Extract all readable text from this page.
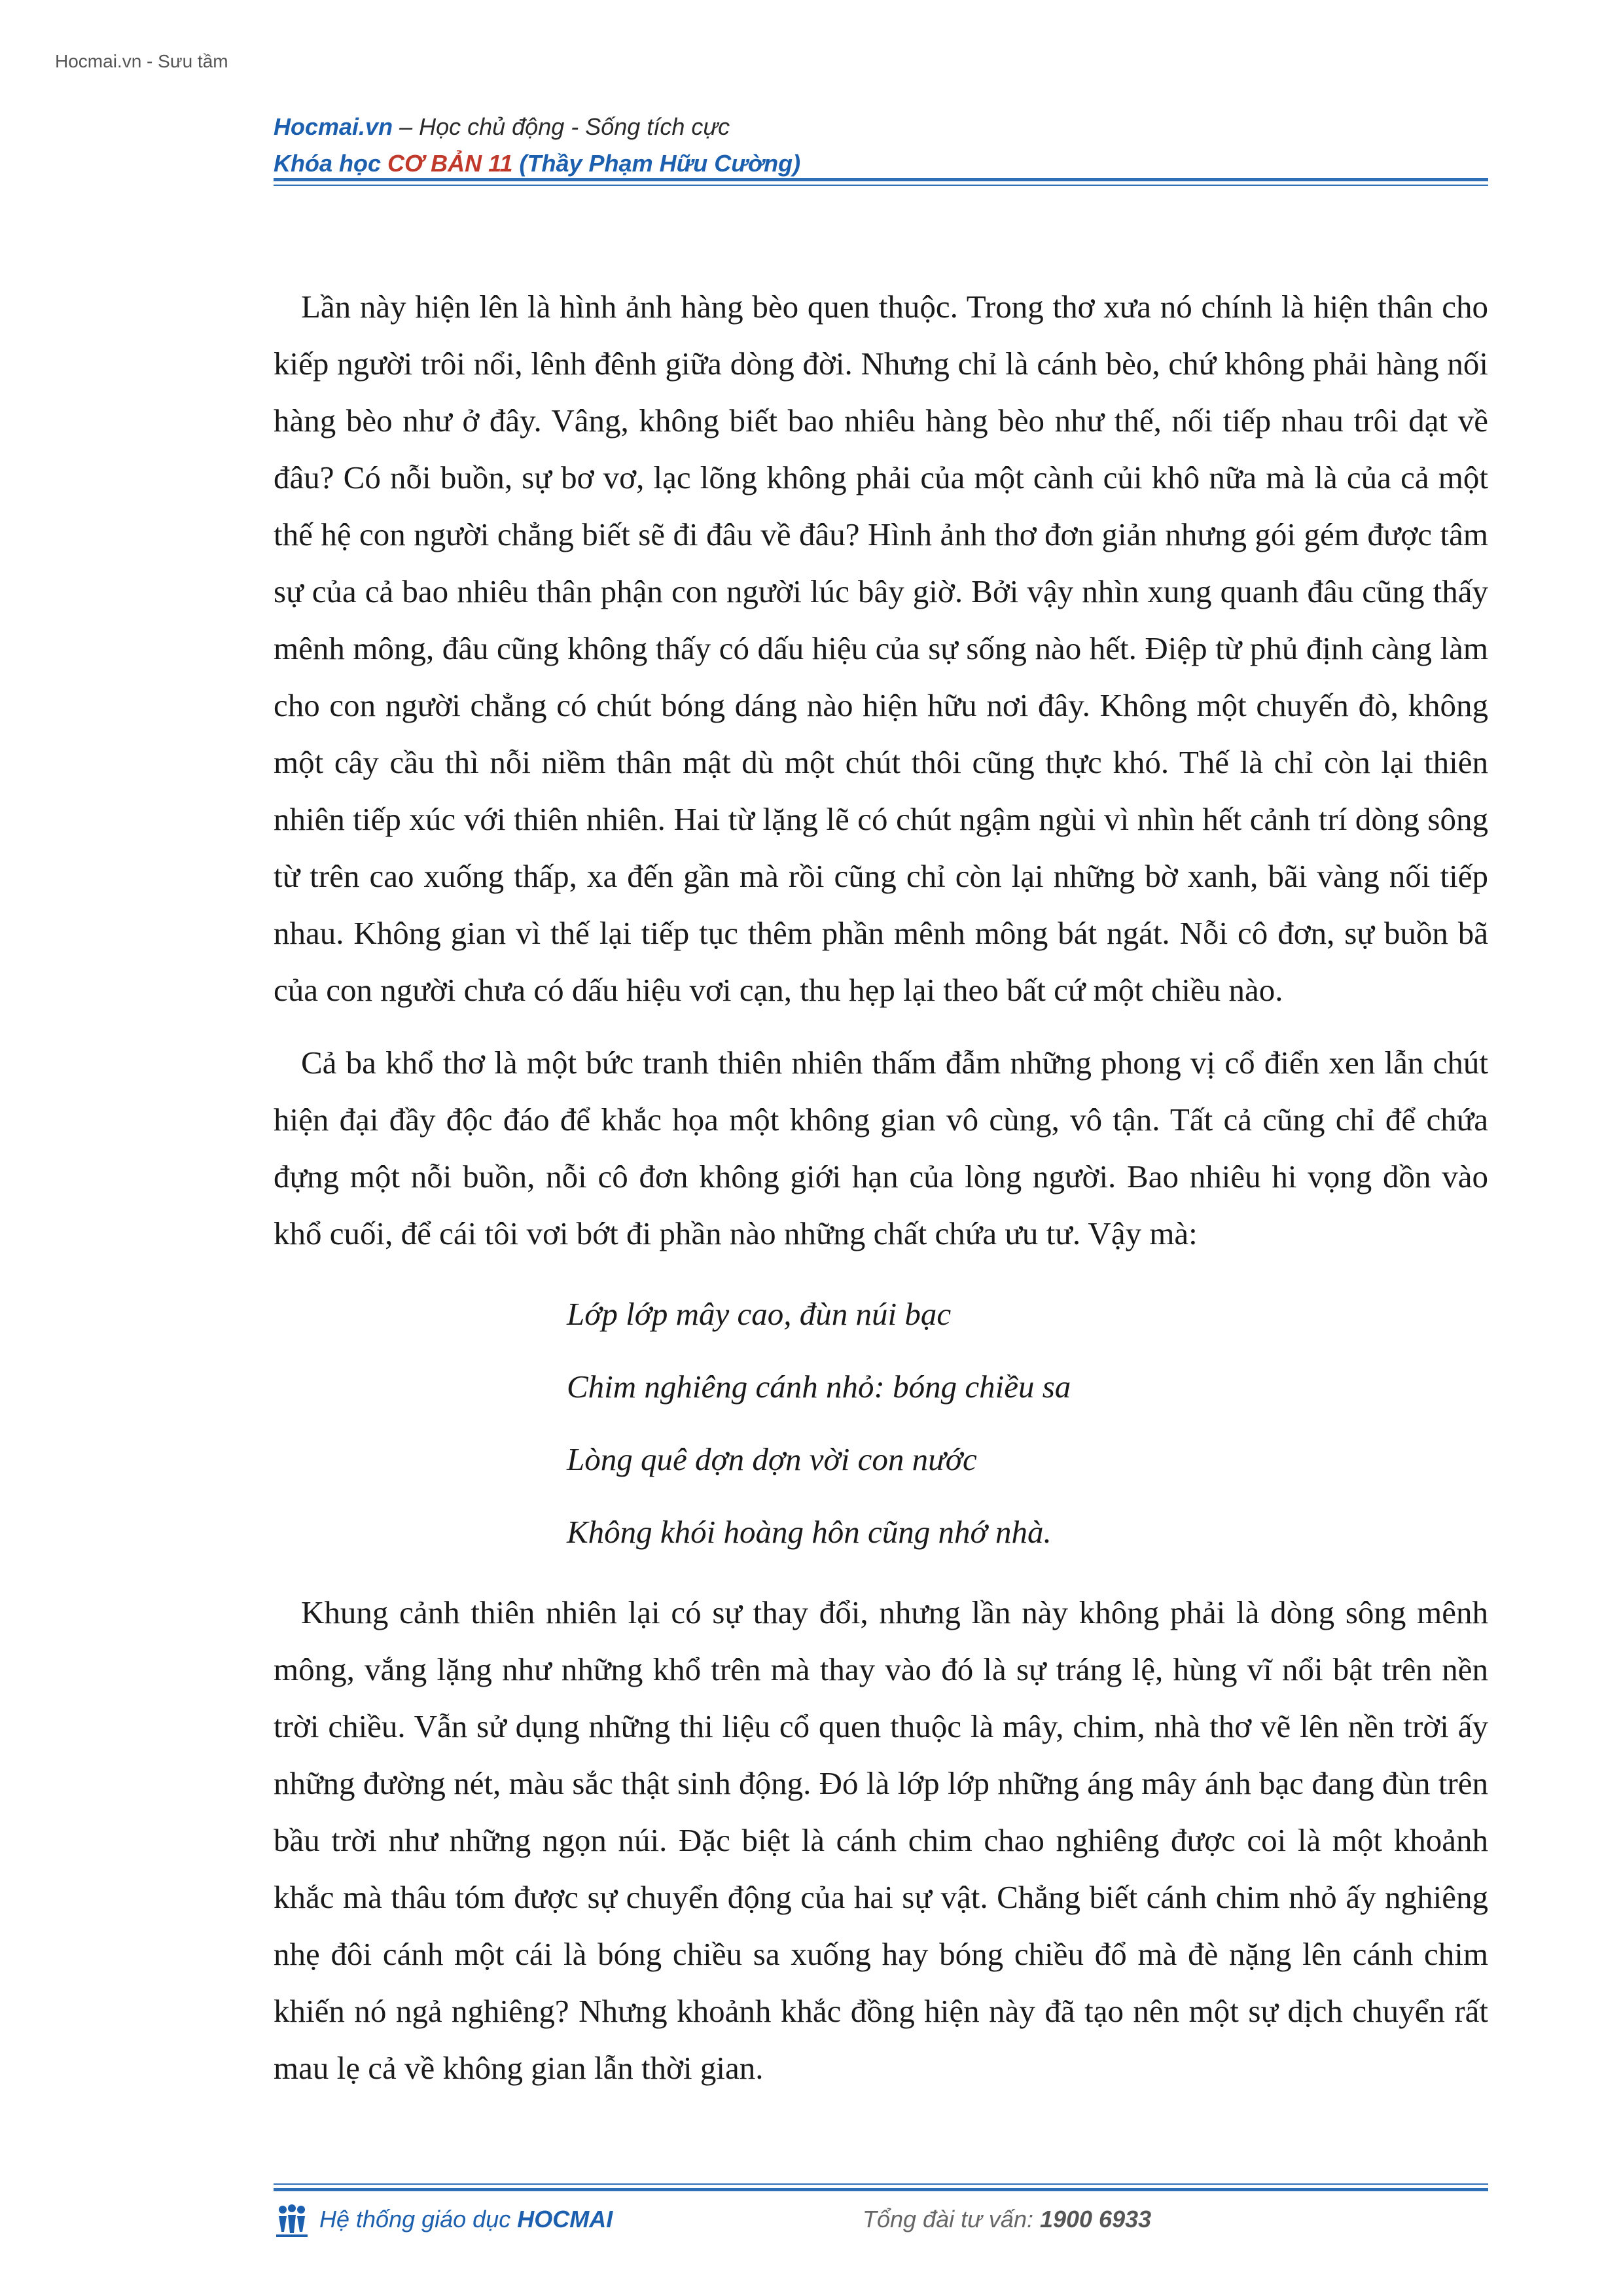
Hocmai.vn - Sưu tầm
Hocmai.vn – Học chủ động - Sống tích cực
Khóa học CƠ BẢN 11 (Thầy Phạm Hữu Cường)

Lần này hiện lên là hình ảnh hàng bèo quen thuộc. Trong thơ xưa nó chính là hiện thân cho kiếp người trôi nổi, lênh đênh giữa dòng đời. Nhưng chỉ là cánh bèo, chứ không phải hàng nối hàng bèo như ở đây. Vâng, không biết bao nhiêu hàng bèo như thế, nối tiếp nhau trôi dạt về đâu? Có nỗi buồn, sự bơ vơ, lạc lõng không phải của một cành củi khô nữa mà là của cả một thế hệ con người chẳng biết sẽ đi đâu về đâu? Hình ảnh thơ đơn giản nhưng gói gém được tâm sự của cả bao nhiêu thân phận con người lúc bây giờ. Bởi vậy nhìn xung quanh đâu cũng thấy mênh mông, đâu cũng không thấy có dấu hiệu của sự sống nào hết. Điệp từ phủ định càng làm cho con người chẳng có chút bóng dáng nào hiện hữu nơi đây. Không một chuyến đò, không một cây cầu thì nỗi niềm thân mật dù một chút thôi cũng thực khó. Thế là chỉ còn lại thiên nhiên tiếp xúc với thiên nhiên. Hai từ lặng lẽ có chút ngậm ngùi vì nhìn hết cảnh trí dòng sông từ trên cao xuống thấp, xa đến gần mà rồi cũng chỉ còn lại những bờ xanh, bãi vàng nối tiếp nhau. Không gian vì thế lại tiếp tục thêm phần mênh mông bát ngát. Nỗi cô đơn, sự buồn bã của con người chưa có dấu hiệu vơi cạn, thu hẹp lại theo bất cứ một chiều nào.

Cả ba khổ thơ là một bức tranh thiên nhiên thấm đẫm những phong vị cổ điển xen lẫn chút hiện đại đầy độc đáo để khắc họa một không gian vô cùng, vô tận. Tất cả cũng chỉ để chứa đựng một nỗi buồn, nỗi cô đơn không giới hạn của lòng người. Bao nhiêu hi vọng dồn vào khổ cuối, để cái tôi vơi bớt đi phần nào những chất chứa ưu tư. Vậy mà:

Lớp lớp mây cao, đùn núi bạc
Chim nghiêng cánh nhỏ: bóng chiều sa
Lòng quê dợn dợn vời con nước
Không khói hoàng hôn cũng nhớ nhà.

Khung cảnh thiên nhiên lại có sự thay đổi, nhưng lần này không phải là dòng sông mênh mông, vắng lặng như những khổ trên mà thay vào đó là sự tráng lệ, hùng vĩ nổi bật trên nền trời chiều. Vẫn sử dụng những thi liệu cổ quen thuộc là mây, chim, nhà thơ vẽ lên nền trời ấy những đường nét, màu sắc thật sinh động. Đó là lớp lớp những áng mây ánh bạc đang đùn trên bầu trời như những ngọn núi. Đặc biệt là cánh chim chao nghiêng được coi là một khoảnh khắc mà thâu tóm được sự chuyển động của hai sự vật. Chẳng biết cánh chim nhỏ ấy nghiêng nhẹ đôi cánh một cái là bóng chiều sa xuống hay bóng chiều đổ mà đè nặng lên cánh chim khiến nó ngả nghiêng? Nhưng khoảnh khắc đồng hiện này đã tạo nên một sự dịch chuyển rất mau lẹ cả về không gian lẫn thời gian.

Hệ thống giáo dục HOCMAI	Tổng đài tư vấn: 1900 6933
